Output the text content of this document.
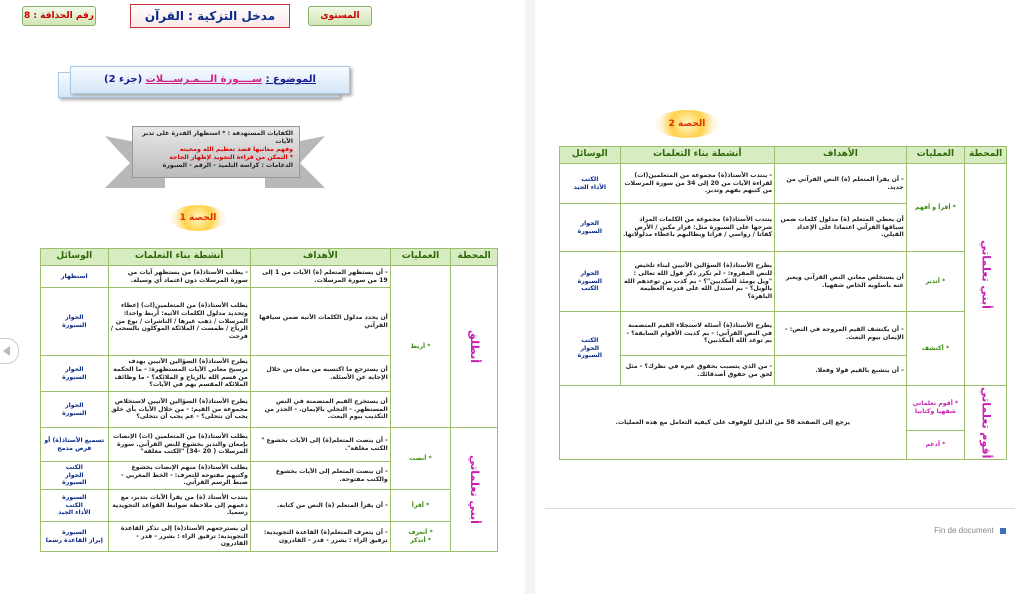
المستوى
مدخل التزكية : القرآن
رقم الحذاقة : 8
الموضوع : ســــورة الـــمـرســـلات (جزء 2)
الكفايات المستهدفة : * استظهار القدرة على تدبر الآيات
وفهم معانيها قصد تعظيم الله ومحبته
* التمكن من قراءة التجويد لإظهار الحاجة
الدعامات : كراسة التلميذ - الرقم - السبورة
الحصة 1
الوسائل	أنشطة بناء التعلمات	الأهداف	العمليات	المحطة
استظهار	- يطلب الأستاذ(ة) من يستظهر آيات من سورة المرسلات دون اعتماد أي وسيلة.	- أن يستظهر المتعلم (ة) الآيات من 1 إلى 19 من سورة المرسلات.	* أربط	أنطلق
الحوار
السبورة	يطلب الأستاذ(ة) من المتعلمين(ات) إعطاء وتحديد مدلول الكلمات الآتية: أربط واحدا: المرسلات / ذهب غيرها / الناشرات / نوع من الرياح / طمست / الملائكة الموكلون بالسحب / فرجت	أن يحدد مدلول الكلمات الآتية ضمن سياقها القرآني		
الحوار
السبورة	يطرح الأستاذ(ة) السؤالين الآتيين بهدف ترسيخ معاني الآيات المستظهرة: - ما الحكمة من قسم الله بالرياح و الملائكة؟ - ما وظائف الملائكة المقسم بهم في الآيات؟	أن يسترجع ما اكتسبه من معان من خلال الإجابة عن الأسئلة.		
الحوار
السبورة	يطرح الأستاذ(ة) السؤالين الآتيين لاستخلاص مجموعة من القيم: - من خلال الآيات بأي خلق يجب أن نتحلى؟ - عم يجب أن نتخلى؟	أن يستخرج القيم المتضمنة في النص المستظهر. - التحلي بالإيمان. - الحذر من التكذيب بيوم البعث.		
تسميع الأستاذ(ة) أو قرص مدمج	يطلب الأستاذ(ة) من المتعلمين (ات) الإنصات بإمعان والتدبر بخشوع للنص القرآني. سورة المرسلات ( 20 -34) "الكتب مغلقة"	- أن ينصت المتعلم(ة) إلى الآيات بخشوع " الكتب مغلقة".	* أنصت	أبني تعلماتي
الكتب
الحوار
السبورة	يطلب الأستاذ(ة) منهم الإنصات بخشوع وكتبهم مفتوحة للتعرف: - الخط المغربي - ضبط الرسم القرآني.	- أن ينصت المتعلم إلى الآيات بخشوع والكتب مفتوحة.		
السبورة
الكتب
الأداء الجيد	ينتدب الأستاذ (ة) من يقرأ الآيات بتدبر، مع دعمهم إلى ملاحظة ضوابط القواعد التجويدية رسميا.	- أن يقرأ المتعلم (ة) النص من كتابه.	* أقرأ	
السبورة
إبراز القاعدة رسما	أن يسترجعهم الأستاذ(ة) إلى تذكر القاعدة التجويدية: ترقيق الراء : بشرر - قدر - القادرون	- أن يتعرف المتعلم(ة) القاعدة التجويدية: ترقيق الراء : بشرر - قدر - القادرون	* أتعرف
* أتذكر	
الحصة 2
الوسائل	أنشطة بناء التعلمات	الأهداف	العمليات	المحطة
الكتب
الأداء الجيد	- ينتدب الأستاذ(ة) مجموعة من المتعلمين(ات) لقراءة الآيات من 20 إلى 34 من سورة المرسلات من كتبهم بفهم وتدبر.	- أن يقرأ المتعلم (ة) النص القرآني من جديد.	* أقرأ و أفهم	أبني تعلماتي
الحوار
السبورة	ينتدب الأستاذ(ة) مجموعة من الكلمات المراد شرحها على السبورة مثل: قرار مكين / الأرض كفاتا / رواسي / فراتا وبطالبهم باعطاء مدلولاتها.	أن يعطي المتعلم (ة) مدلول كلمات ضمن سياقها القرآني اعتمادا على الإعداد القبلي.		
الحوار
السبورة
الكتب	يطرح الأستاذ(ة) السؤالين الآتيين لبناء تلخيص للنص المقروء: - لم تكرر ذكر قول الله تعالى : "ويل يومئذ للمكذبين"؟ - بم كذب من توعدهم الله بالويل؟ - بم استدل الله على قدرته العظيمة الباهرة؟	أن يستخلص معاني النص القرآني ويعبر عنه بأسلوبه الخاص شفهيا.	* أتدبر	
الكتب
الحوار
السبورة	يطرح الأستاذ(ة) أسئلة لاستجلاء القيم المتضمنة في النص القرآني: - بم كذبت الأقوام السابقة؟ - بم توعد الله المكذبين؟	- أن يكتشف القيم المروجة في النص: - الإيمان بيوم البعث.	* أكتشف	
	- من الذي يتسبب بحقوق غيره في نظرك؟ - مثل لحق من حقوق أصدقائك.	- أن يتشبع بالقيم قولا وفعلا.		
يرجع إلى الصفحة 58 من الدليل للوقوف على كيفية التعامل مع هذه العمليات.			* أقوم تعلماتي شفهيا وكتابيا	أقوم تعلماتي
			* أدعم	
Fin de document
